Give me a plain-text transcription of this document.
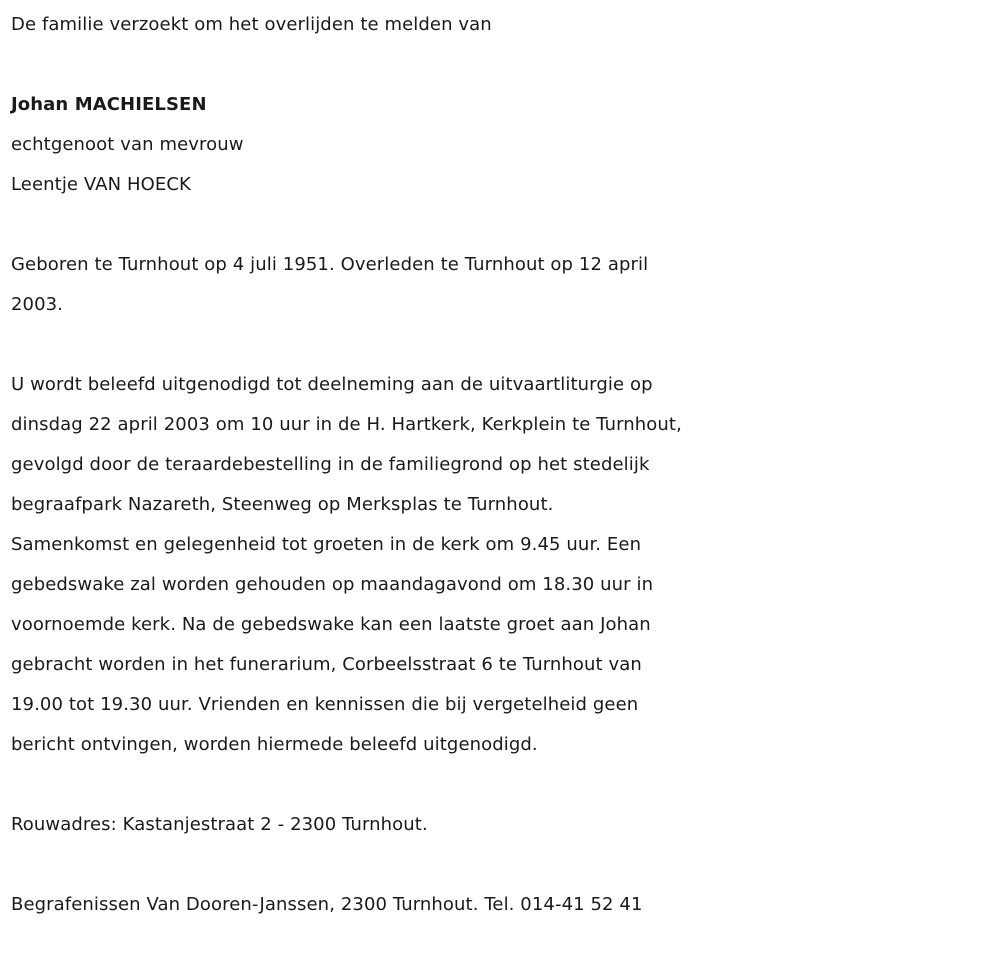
De familie verzoekt om het overlijden te melden van

Johan MACHIELSEN

echtgenoot van mevrouw

Leentje VAN HOECK

Geboren te Turnhout op 4 juli 1951. Overleden te Turnhout op 12 april

2003.

U wordt beleefd uitgenodigd tot deelneming aan de uitvaartliturgie op

dinsdag 22 april 2003 om 10 uur in de H. Hartkerk, Kerkplein te Turnhout,

gevolgd door de teraardebestelling in de familiegrond op het stedelijk

begraafpark Nazareth, Steenweg op Merksplas te Turnhout.

Samenkomst en gelegenheid tot groeten in de kerk om 9.45 uur. Een

gebedswake zal worden gehouden op maandagavond om 18.30 uur in

voornoemde kerk. Na de gebedswake kan een laatste groet aan Johan

gebracht worden in het funerarium, Corbeelsstraat 6 te Turnhout van

19.00 tot 19.30 uur. Vrienden en kennissen die bij vergetelheid geen

bericht ontvingen, worden hiermede beleefd uitgenodigd.

Rouwadres: Kastanjestraat 2 - 2300 Turnhout.

Begrafenissen Van Dooren-Janssen, 2300 Turnhout. Tel. 014-41 52 41
